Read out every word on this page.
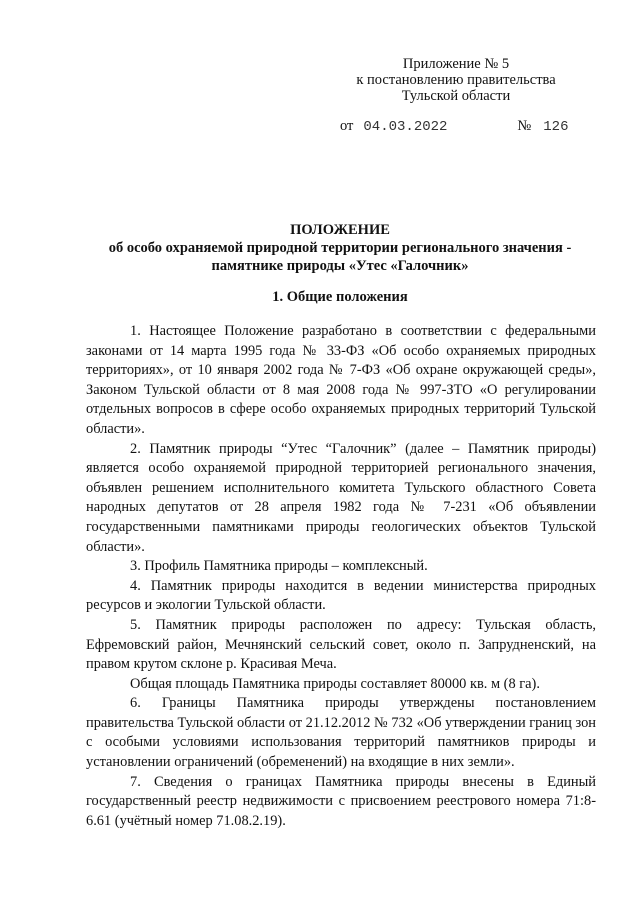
Приложение № 5
к постановлению правительства
Тульской области
от 04.03.2022	№ 126
ПОЛОЖЕНИЕ
об особо охраняемой природной территории регионального значения -
памятнике природы «Утес «Галочник»
1. Общие положения

1. Настоящее Положение разработано в соответствии с федеральными законами от 14 марта 1995 года № 33-ФЗ «Об особо охраняемых природных территориях», от 10 января 2002 года № 7-ФЗ «Об охране окружающей среды», Законом Тульской области от 8 мая 2008 года № 997-ЗТО «О регулировании отдельных вопросов в сфере особо охраняемых природных территорий Тульской области».

2. Памятник природы “Утес “Галочник” (далее – Памятник природы) является особо охраняемой природной территорией регионального значения, объявлен решением исполнительного комитета Тульского областного Совета народных депутатов от 28 апреля 1982 года № 7-231 «Об объявлении государственными памятниками природы геологических объектов Тульской области».

3. Профиль Памятника природы – комплексный.

4. Памятник природы находится в ведении министерства природных ресурсов и экологии Тульской области.

5. Памятник природы расположен по адресу: Тульская область, Ефремовский район, Мечнянский сельский совет, около п. Запрудненский, на правом крутом склоне р. Красивая Меча.

Общая площадь Памятника природы составляет 80000 кв. м (8 га).

6. Границы Памятника природы утверждены постановлением правительства Тульской области от 21.12.2012 № 732 «Об утверждении границ зон с особыми условиями использования территорий памятников природы и установлении ограничений (обременений) на входящие в них земли».

7. Сведения о границах Памятника природы внесены в Единый государственный реестр недвижимости с присвоением реестрового номера 71:8-6.61 (учётный номер 71.08.2.19).
